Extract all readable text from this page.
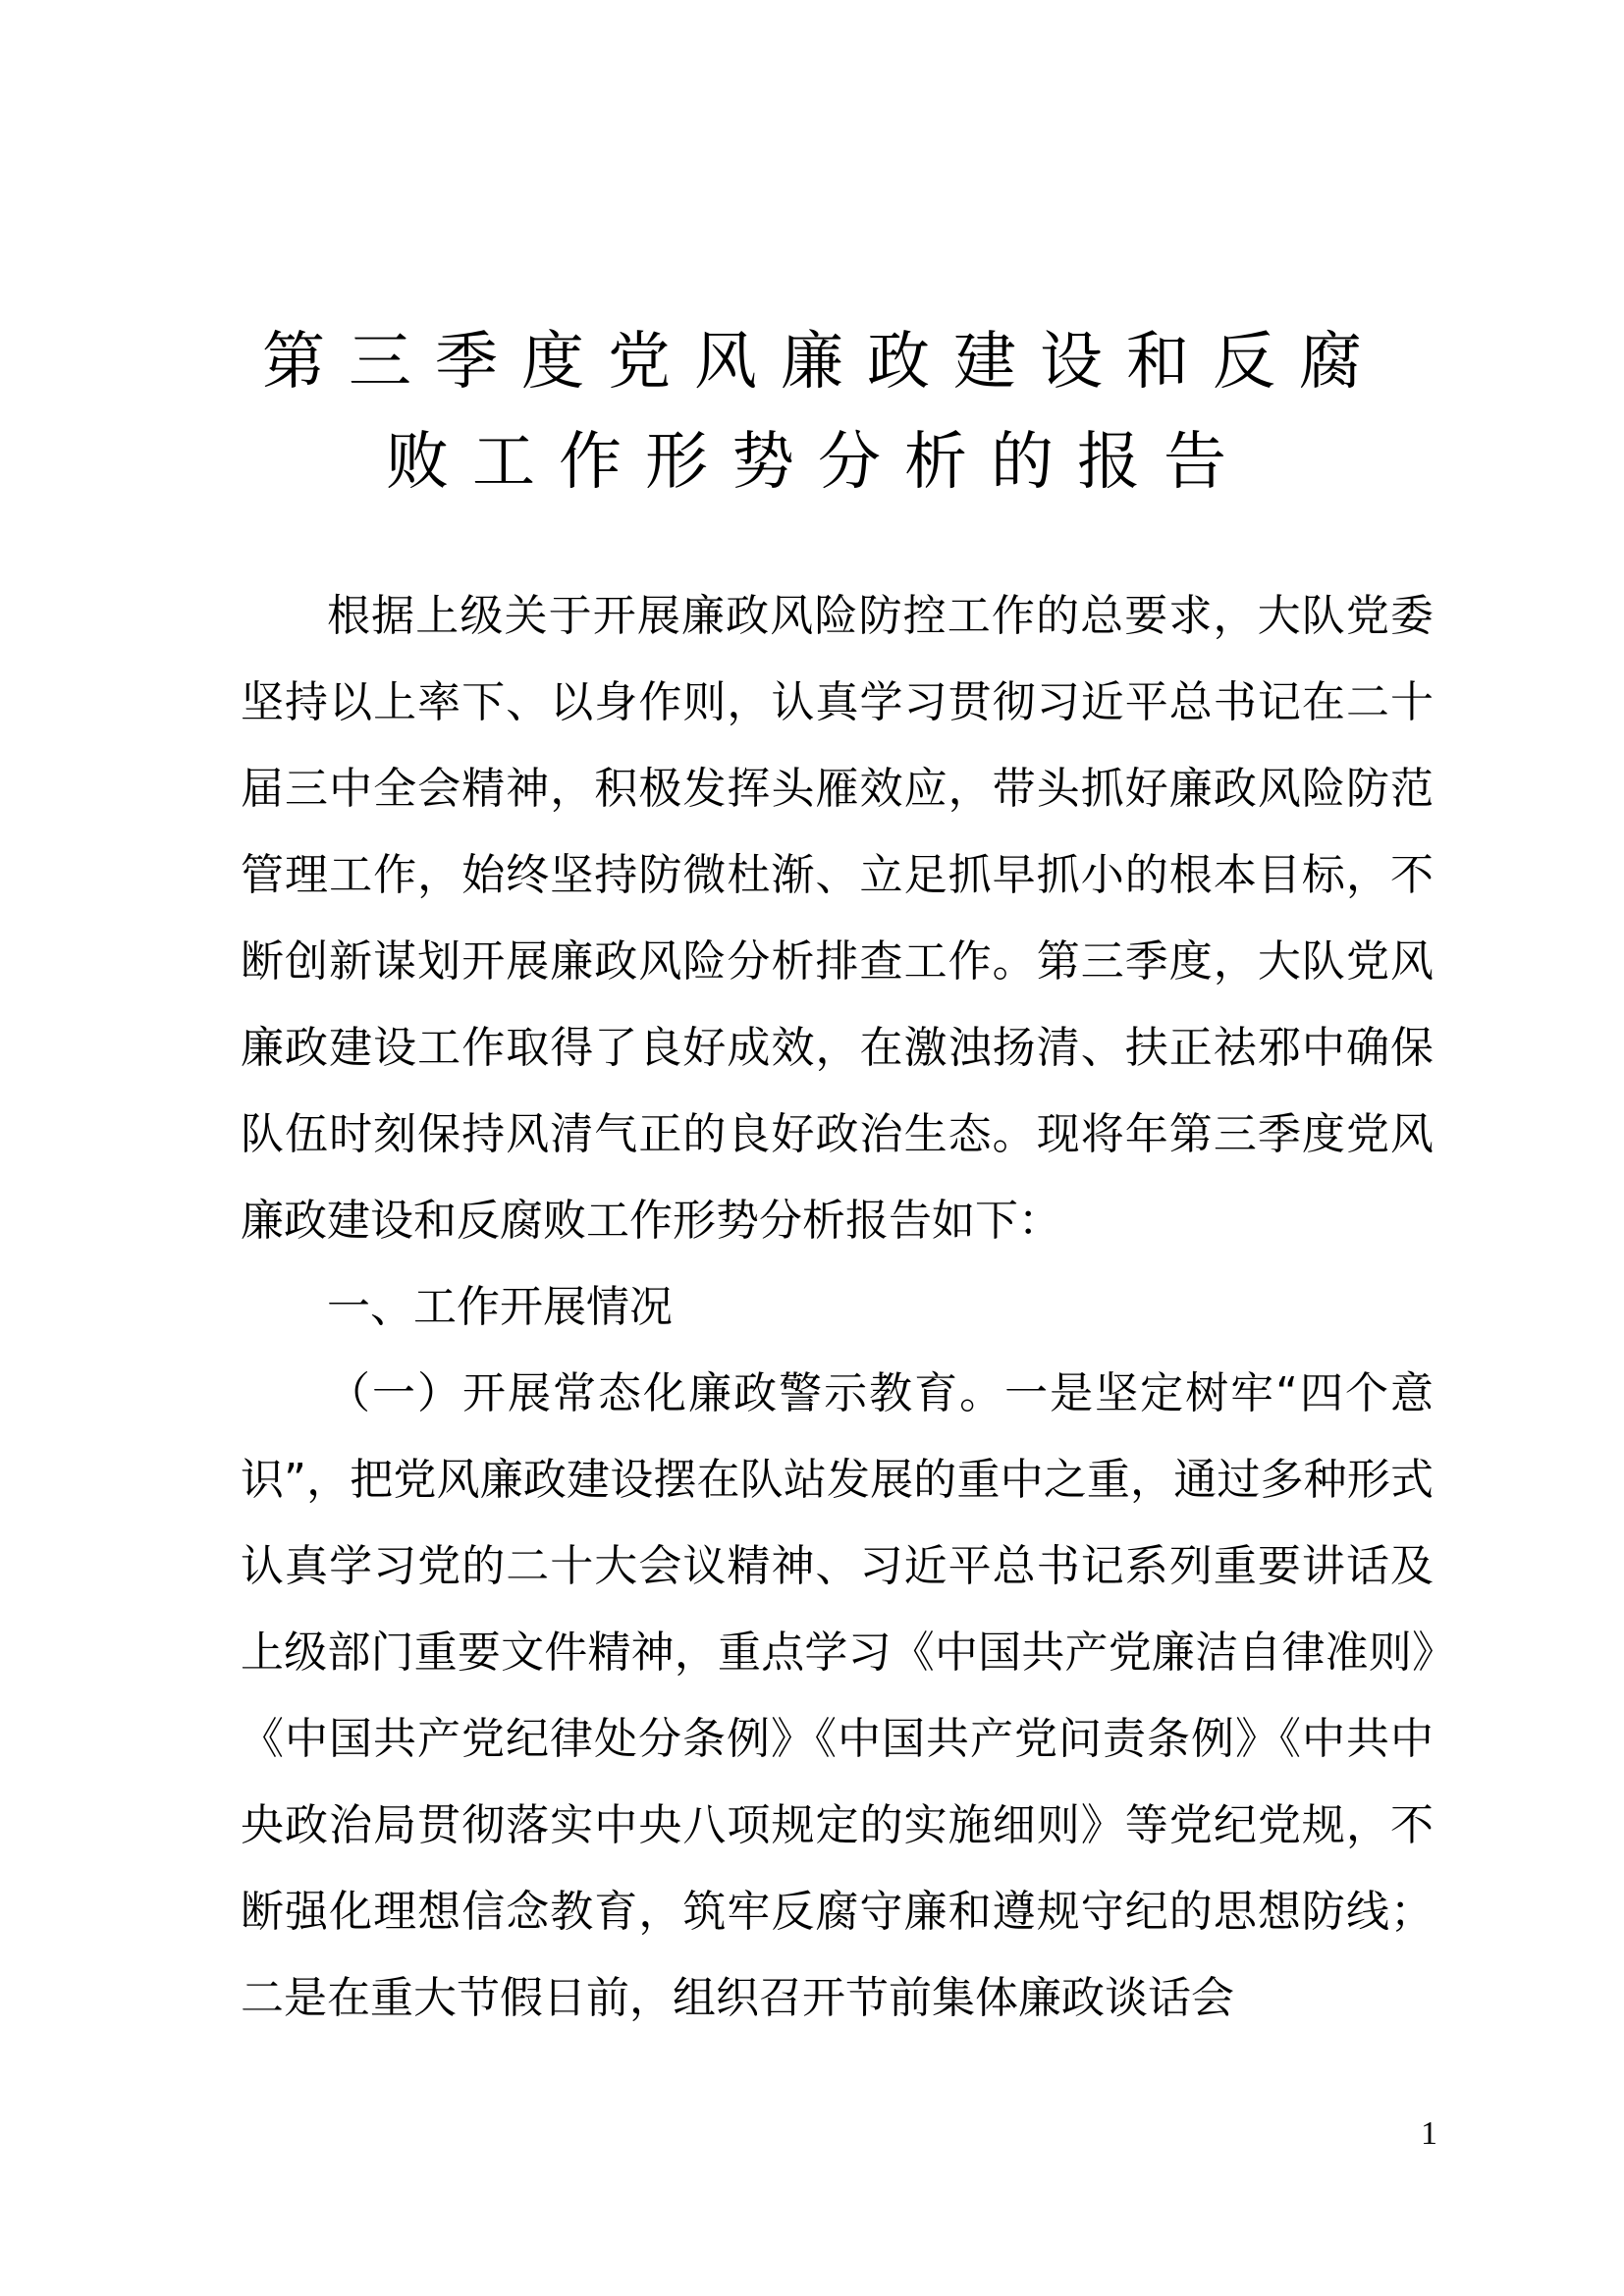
第三季度党风廉政建设和反腐
败工作形势分析的报告

根据上级关于开展廉政风险防控工作的总要求，大队党委坚持以上率下、以身作则，认真学习贯彻习近平总书记在二十届三中全会精神，积极发挥头雁效应，带头抓好廉政风险防范管理工作，始终坚持防微杜渐、立足抓早抓小的根本目标，不断创新谋划开展廉政风险分析排查工作。第三季度，大队党风廉政建设工作取得了良好成效，在激浊扬清、扶正祛邪中确保队伍时刻保持风清气正的良好政治生态。现将年第三季度党风廉政建设和反腐败工作形势分析报告如下：

一、工作开展情况

（一）开展常态化廉政警示教育。一是坚定树牢“四个意识”，把党风廉政建设摆在队站发展的重中之重，通过多种形式认真学习党的二十大会议精神、习近平总书记系列重要讲话及上级部门重要文件精神，重点学习《中国共产党廉洁自律准则》《中国共产党纪律处分条例》《中国共产党问责条例》《中共中央政治局贯彻落实中央八项规定的实施细则》等党纪党规，不断强化理想信念教育，筑牢反腐守廉和遵规守纪的思想防线；二是在重大节假日前，组织召开节前集体廉政谈话会

1
